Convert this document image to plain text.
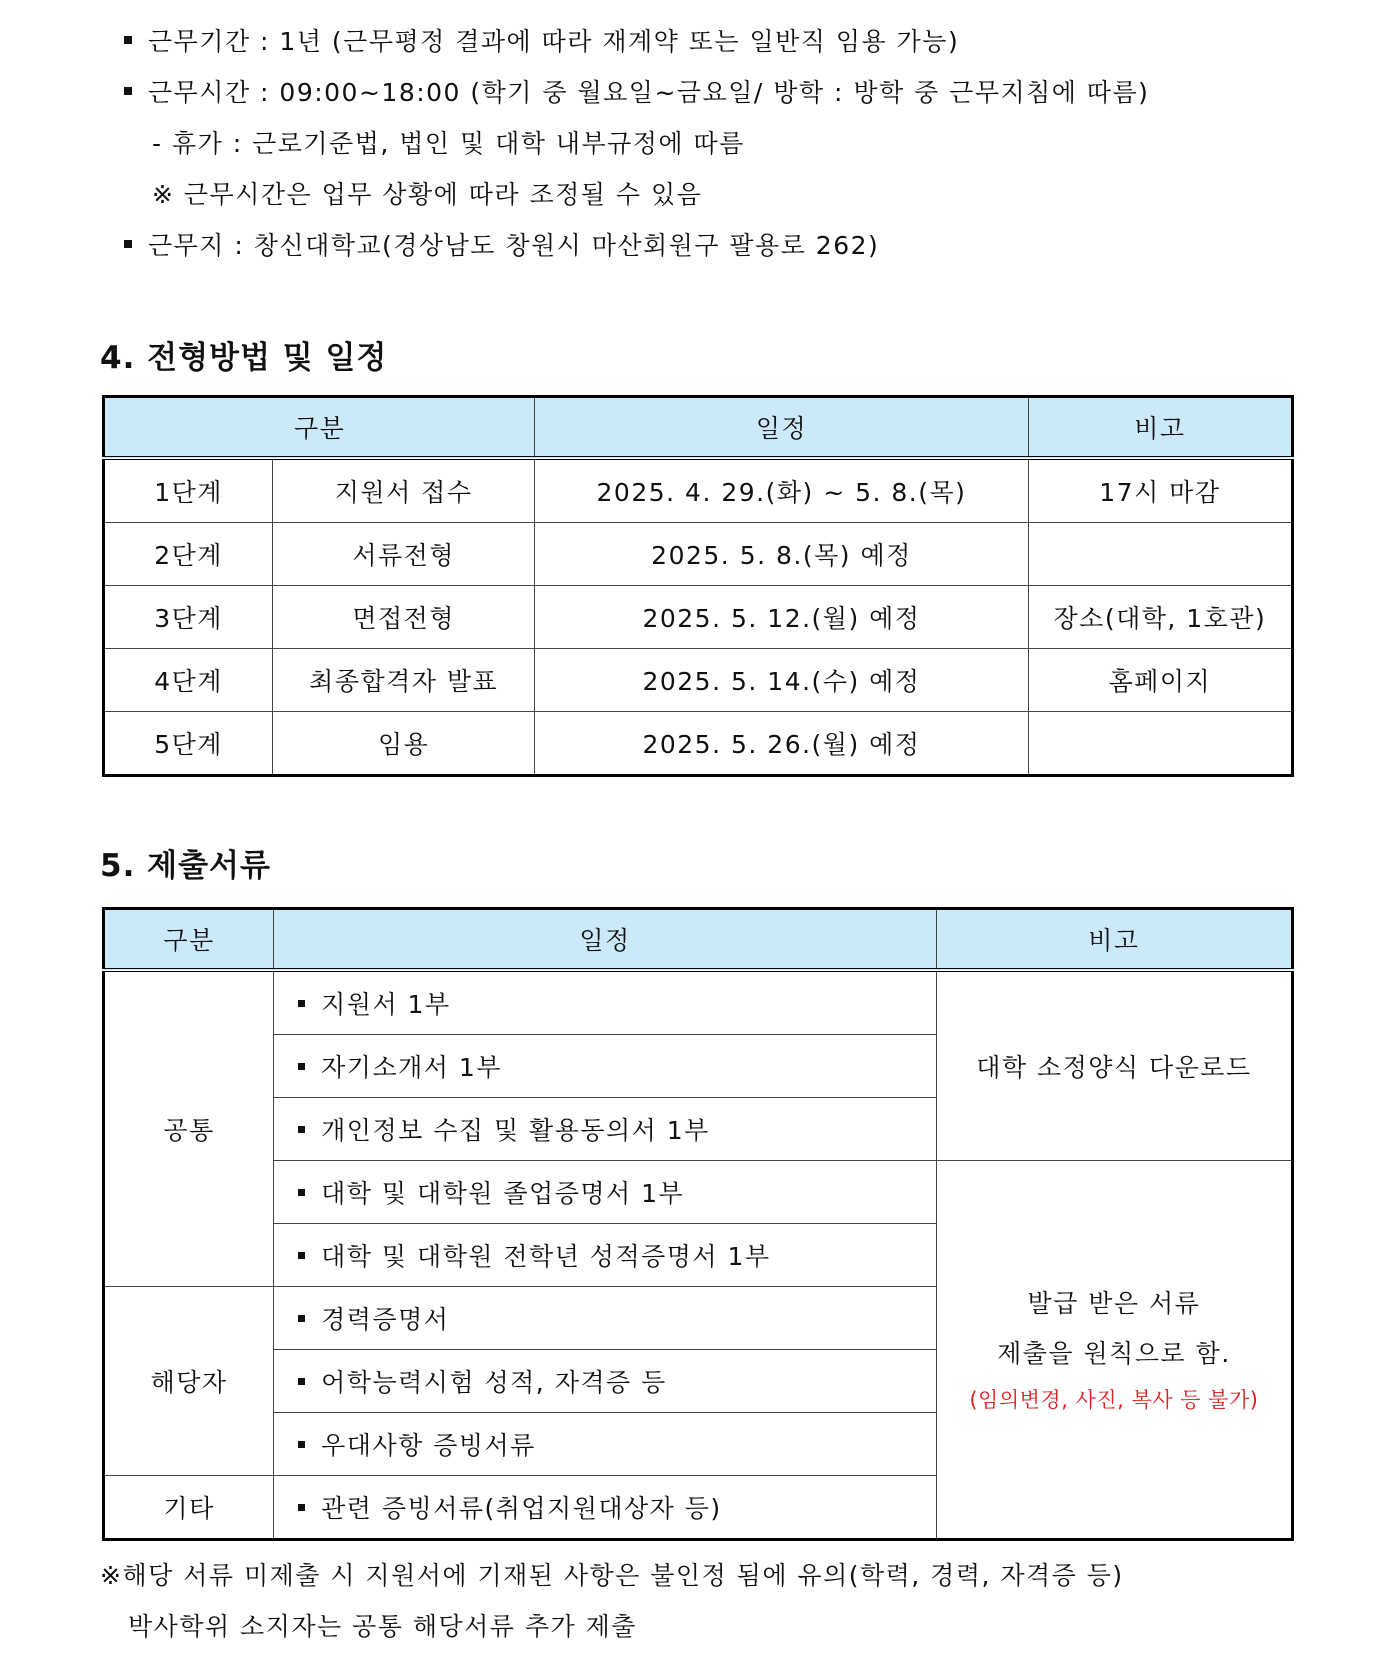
근무기간 : 1년 (근무평정 결과에 따라 재계약 또는 일반직 임용 가능)
근무시간 : 09:00~18:00 (학기 중 월요일~금요일/ 방학 : 방학 중 근무지침에 따름)
- 휴가 : 근로기준법, 법인 및 대학 내부규정에 따름
※ 근무시간은 업무 상황에 따라 조정될 수 있음
근무지 : 창신대학교(경상남도 창원시 마산회원구 팔용로 262)
4. 전형방법 및 일정
구분		일정	비고
1단계	지원서 접수	2025. 4. 29.(화) ~ 5. 8.(목)	17시 마감
2단계	서류전형	2025. 5. 8.(목) 예정	
3단계	면접전형	2025. 5. 12.(월) 예정	장소(대학, 1호관)
4단계	최종합격자 발표	2025. 5. 14.(수) 예정	홈페이지
5단계	임용	2025. 5. 26.(월) 예정	
5. 제출서류
구분	일정	비고
공통	지원서 1부	대학 소정양식 다운로드
	자기소개서 1부	
	개인정보 수집 및 활용동의서 1부	
	대학 및 대학원 졸업증명서 1부	발급 받은 서류
제출을 원칙으로 함.
(임의변경, 사진, 복사 등 불가)

	대학 및 대학원 전학년 성적증명서 1부	
해당자	경력증명서	
	어학능력시험 성적, 자격증 등	
	우대사항 증빙서류	
기타	관련 증빙서류(취업지원대상자 등)	
※해당 서류 미제출 시 지원서에 기재된 사항은 불인정 됨에 유의(학력, 경력, 자격증 등)
박사학위 소지자는 공통 해당서류 추가 제출
